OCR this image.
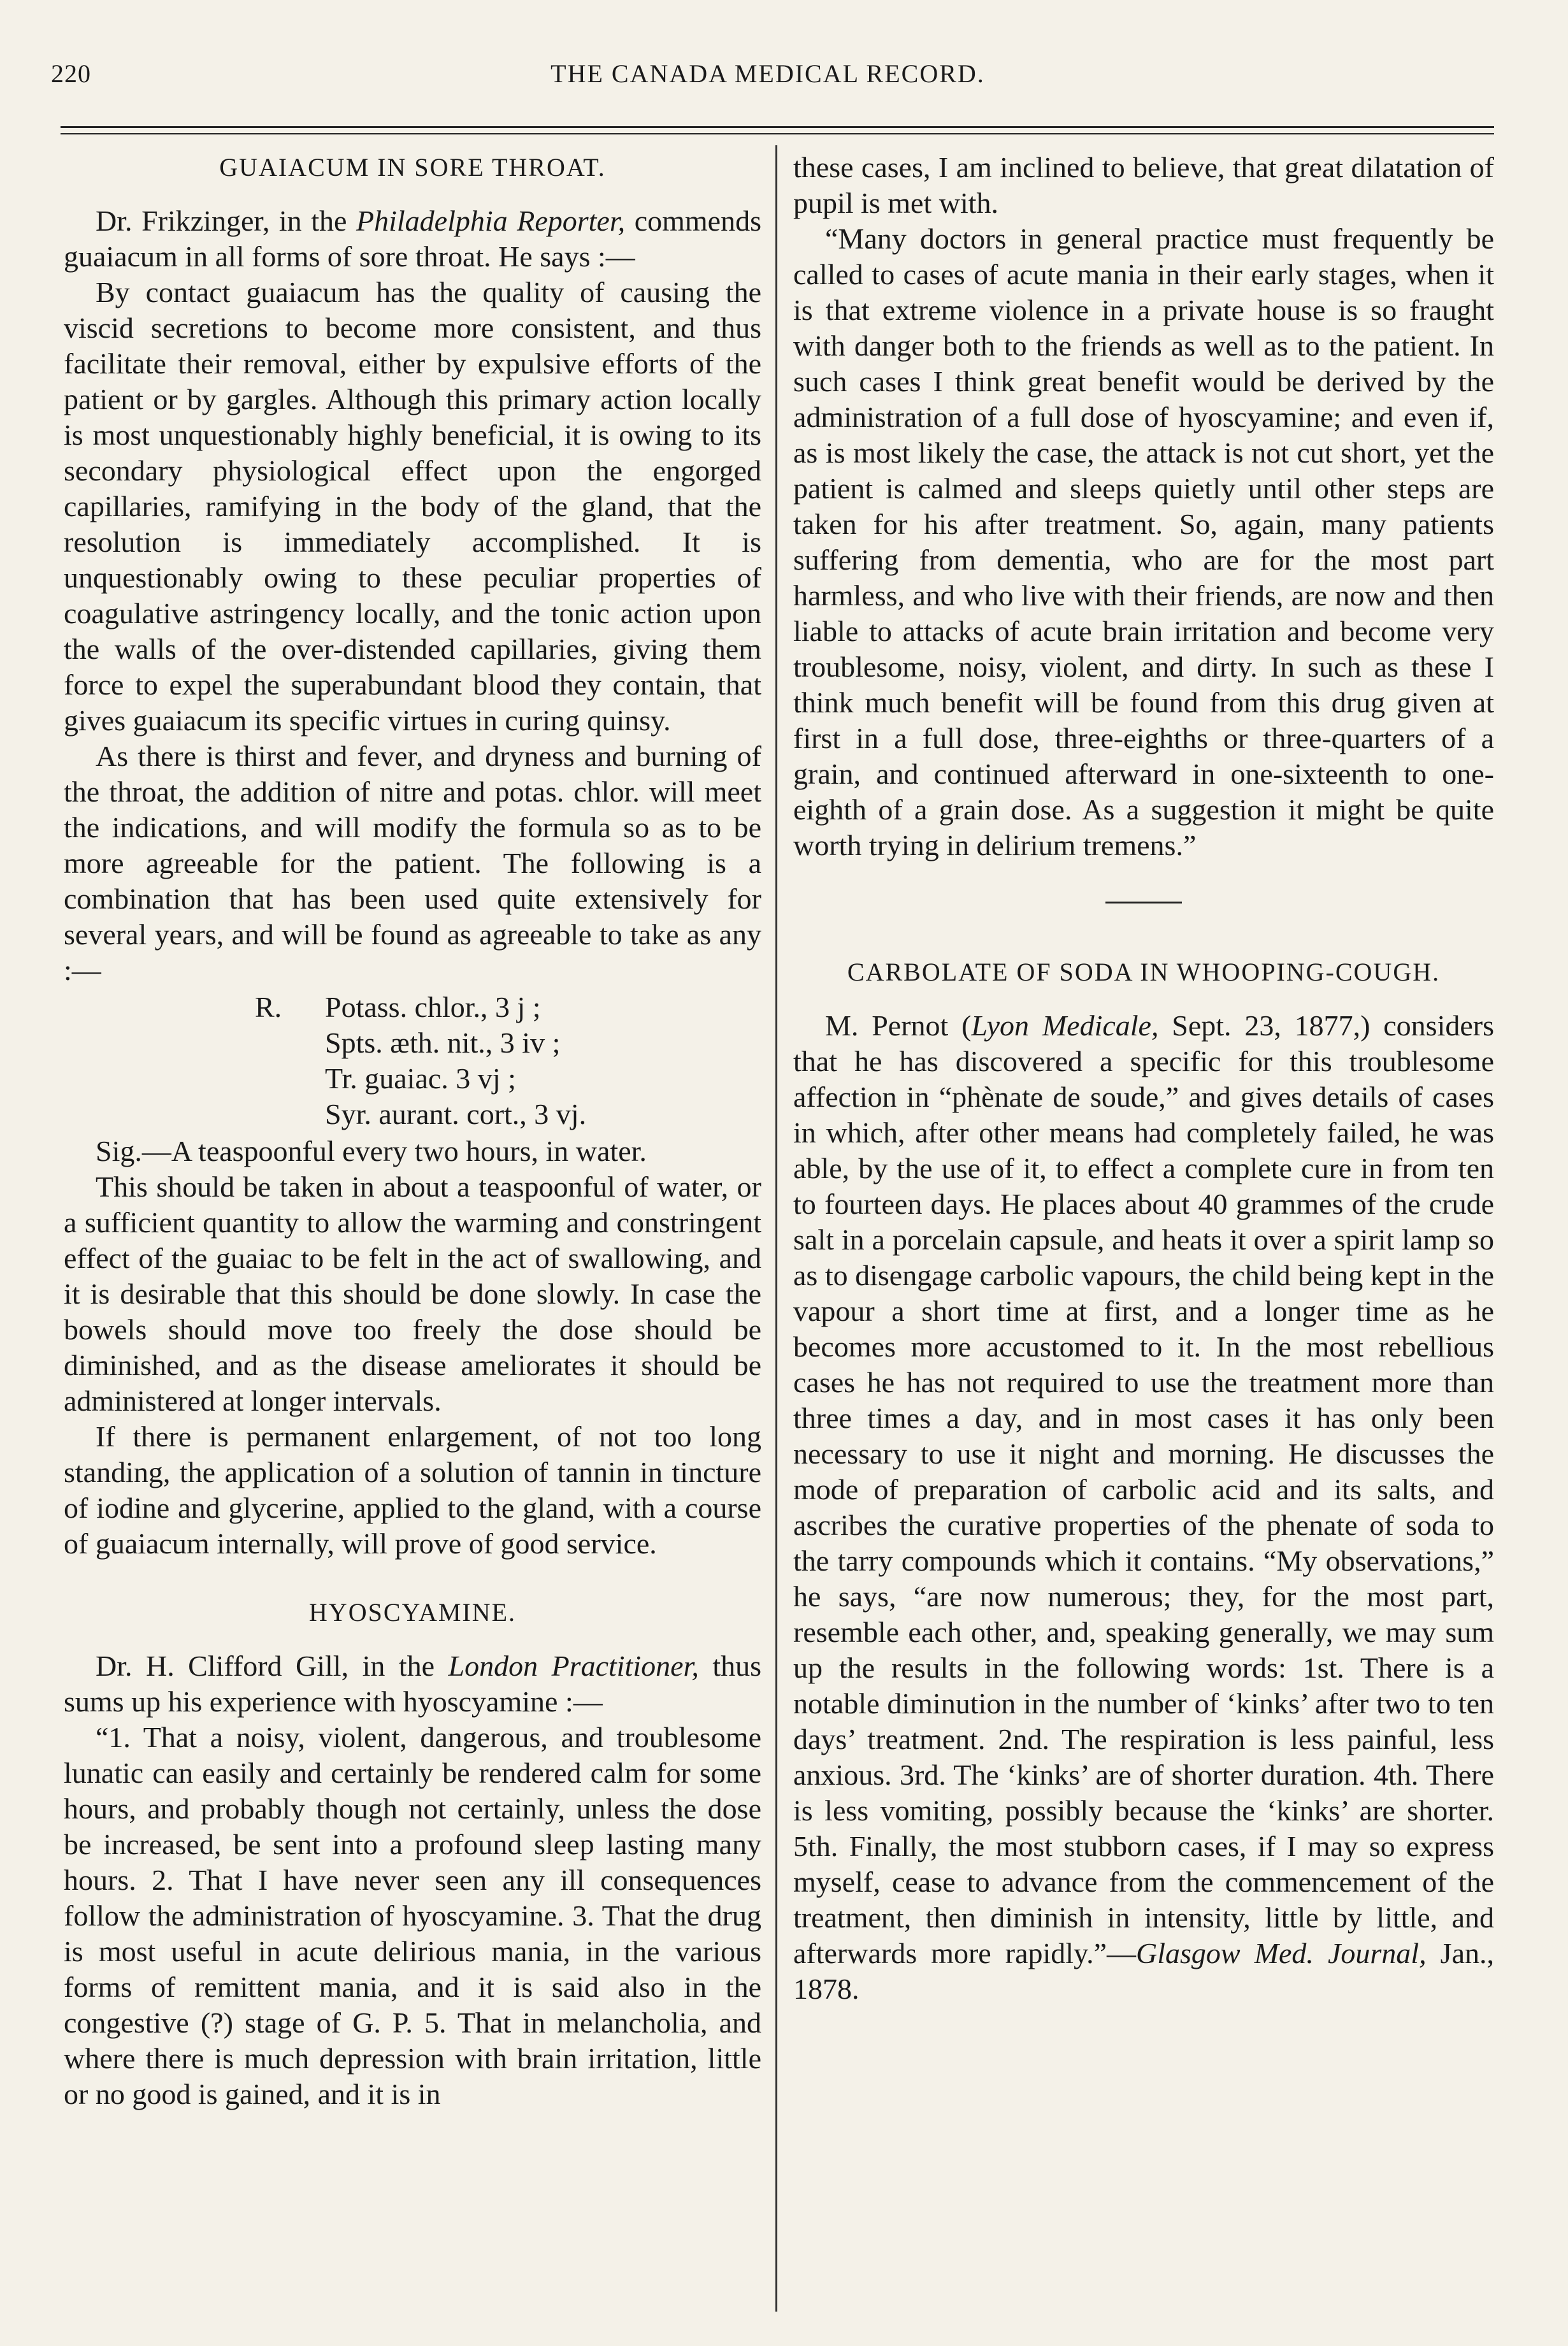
220	THE CANADA MEDICAL RECORD.
GUAIACUM IN SORE THROAT.

Dr. Frikzinger, in the Philadelphia Reporter, commends guaiacum in all forms of sore throat. He says :—

By contact guaiacum has the quality of causing the viscid secretions to become more consistent, and thus facilitate their removal, either by expulsive efforts of the patient or by gargles. Although this primary action locally is most unquestionably highly beneficial, it is owing to its secondary physiological effect upon the engorged capillaries, ramifying in the body of the gland, that the resolution is immediately accomplished. It is unquestionably owing to these peculiar properties of coagulative astringency locally, and the tonic action upon the walls of the over-distended capillaries, giving them force to expel the superabundant blood they contain, that gives guaiacum its specific virtues in curing quinsy.

As there is thirst and fever, and dryness and burning of the throat, the addition of nitre and potas. chlor. will meet the indications, and will modify the formula so as to be more agreeable for the patient. The following is a combination that has been used quite extensively for several years, and will be found as agreeable to take as any :—

R. Potass. chlor., 3 j ;
Spts. æth. nit., 3 iv ;
Tr. guaiac. 3 vj ;
Syr. aurant. cort., 3 vj.

Sig.—A teaspoonful every two hours, in water.

This should be taken in about a teaspoonful of water, or a sufficient quantity to allow the warming and constringent effect of the guaiac to be felt in the act of swallowing, and it is desirable that this should be done slowly. In case the bowels should move too freely the dose should be diminished, and as the disease ameliorates it should be administered at longer intervals.

If there is permanent enlargement, of not too long standing, the application of a solution of tannin in tincture of iodine and glycerine, applied to the gland, with a course of guaiacum internally, will prove of good service.

HYOSCYAMINE.

Dr. H. Clifford Gill, in the London Practitioner, thus sums up his experience with hyoscyamine :—

“1. That a noisy, violent, dangerous, and troublesome lunatic can easily and certainly be rendered calm for some hours, and probably though not certainly, unless the dose be increased, be sent into a profound sleep lasting many hours. 2. That I have never seen any ill consequences follow the administration of hyoscyamine. 3. That the drug is most useful in acute delirious mania, in the various forms of remittent mania, and it is said also in the congestive (?) stage of G. P. 5. That in melancholia, and where there is much depression with brain irritation, little or no good is gained, and it is in

these cases, I am inclined to believe, that great dilatation of pupil is met with.

“Many doctors in general practice must frequently be called to cases of acute mania in their early stages, when it is that extreme violence in a private house is so fraught with danger both to the friends as well as to the patient. In such cases I think great benefit would be derived by the administration of a full dose of hyoscyamine; and even if, as is most likely the case, the attack is not cut short, yet the patient is calmed and sleeps quietly until other steps are taken for his after treatment. So, again, many patients suffering from dementia, who are for the most part harmless, and who live with their friends, are now and then liable to attacks of acute brain irritation and become very troublesome, noisy, violent, and dirty. In such as these I think much benefit will be found from this drug given at first in a full dose, three-eighths or three-quarters of a grain, and continued afterward in one-sixteenth to one-eighth of a grain dose. As a suggestion it might be quite worth trying in delirium tremens.”

CARBOLATE OF SODA IN WHOOPING-COUGH.

M. Pernot (Lyon Medicale, Sept. 23, 1877,) considers that he has discovered a specific for this troublesome affection in “phènate de soude,” and gives details of cases in which, after other means had completely failed, he was able, by the use of it, to effect a complete cure in from ten to fourteen days. He places about 40 grammes of the crude salt in a porcelain capsule, and heats it over a spirit lamp so as to disengage carbolic vapours, the child being kept in the vapour a short time at first, and a longer time as he becomes more accustomed to it. In the most rebellious cases he has not required to use the treatment more than three times a day, and in most cases it has only been necessary to use it night and morning. He discusses the mode of preparation of carbolic acid and its salts, and ascribes the curative properties of the phenate of soda to the tarry compounds which it contains. “My observations,” he says, “are now numerous; they, for the most part, resemble each other, and, speaking generally, we may sum up the results in the following words: 1st. There is a notable diminution in the number of ‘kinks’ after two to ten days’ treatment. 2nd. The respiration is less painful, less anxious. 3rd. The ‘kinks’ are of shorter duration. 4th. There is less vomiting, possibly because the ‘kinks’ are shorter. 5th. Finally, the most stubborn cases, if I may so express myself, cease to advance from the commencement of the treatment, then diminish in intensity, little by little, and afterwards more rapidly.”—Glasgow Med. Journal, Jan., 1878.
